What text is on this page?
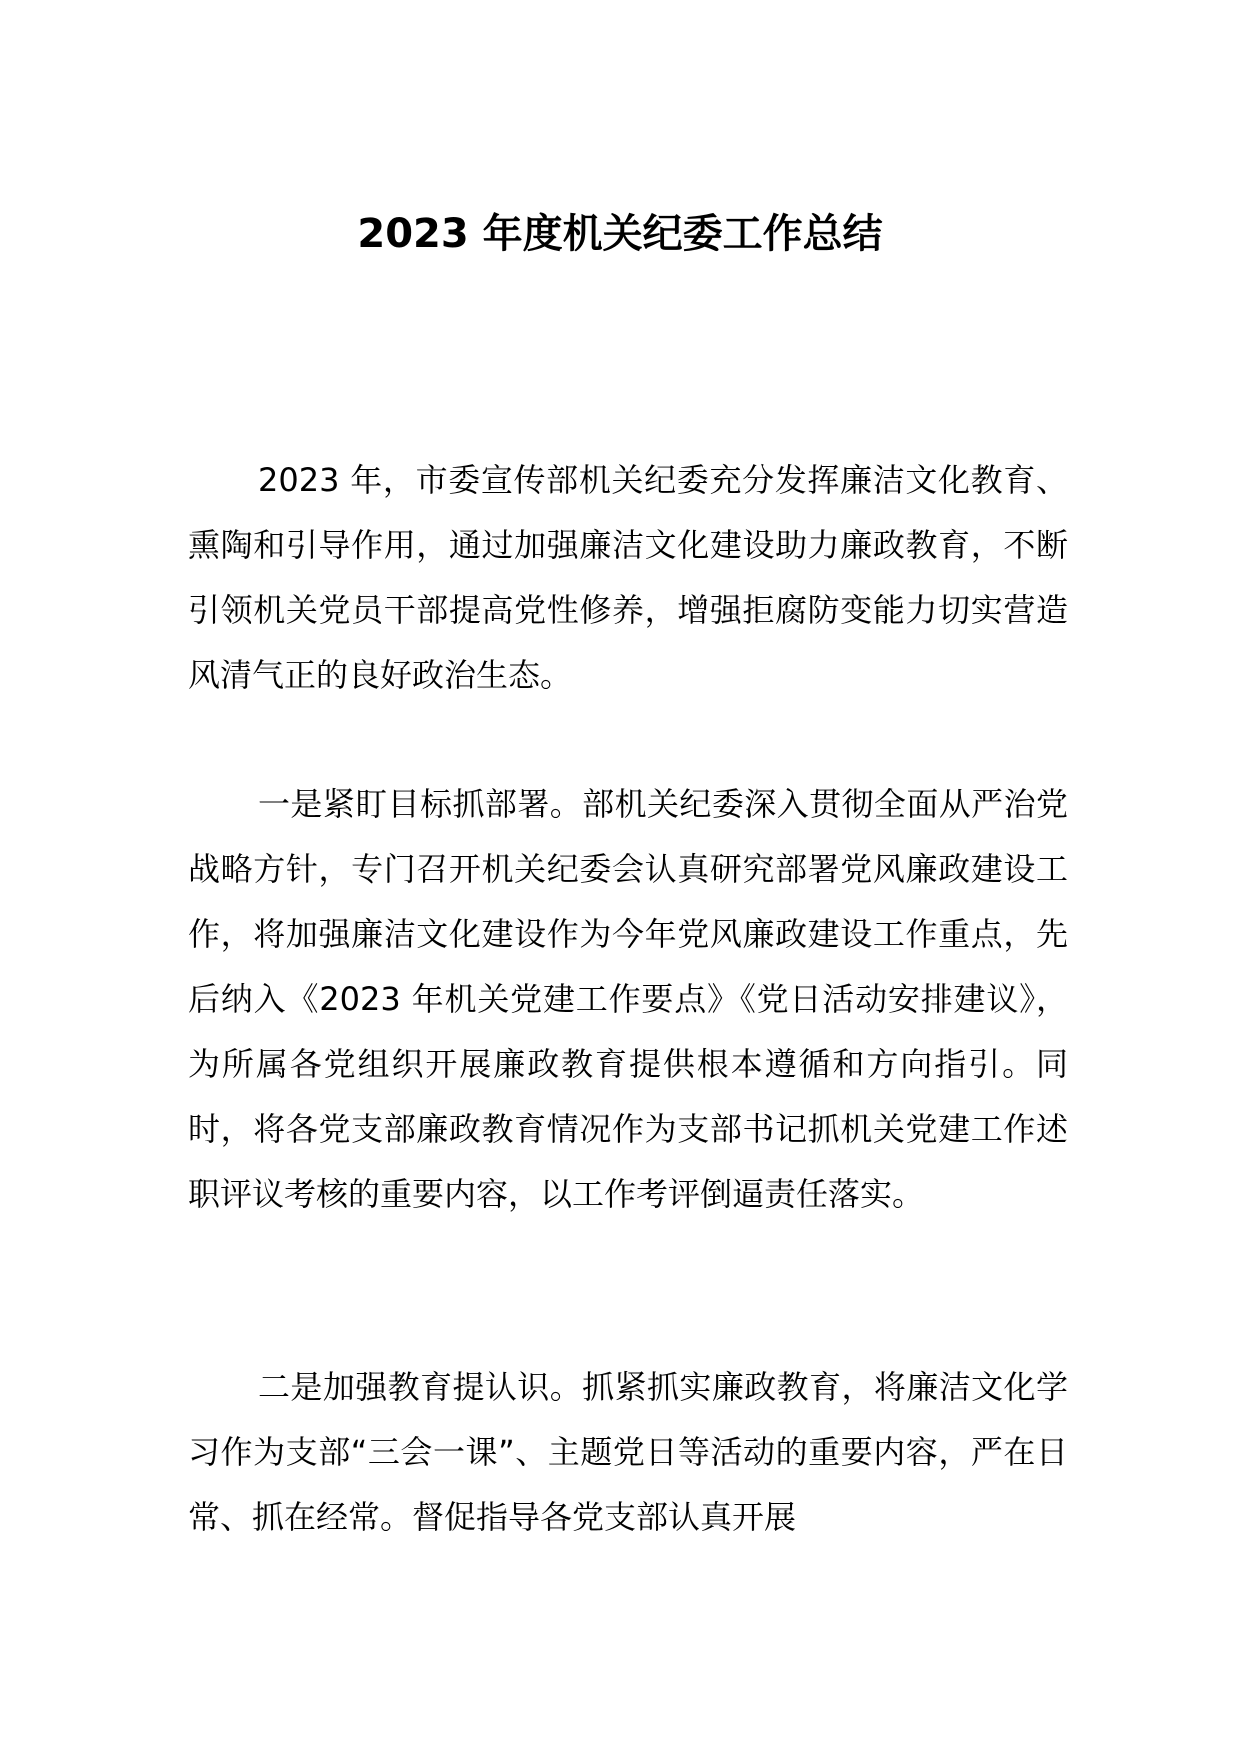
2023 年度机关纪委工作总结

2023 年，市委宣传部机关纪委充分发挥廉洁文化教育、熏陶和引导作用，通过加强廉洁文化建设助力廉政教育，不断引领机关党员干部提高党性修养，增强拒腐防变能力切实营造风清气正的良好政治生态。

一是紧盯目标抓部署。部机关纪委深入贯彻全面从严治党战略方针，专门召开机关纪委会认真研究部署党风廉政建设工作，将加强廉洁文化建设作为今年党风廉政建设工作重点，先后纳入《2023 年机关党建工作要点》《党日活动安排建议》，为所属各党组织开展廉政教育提供根本遵循和方向指引。同时，将各党支部廉政教育情况作为支部书记抓机关党建工作述职评议考核的重要内容，以工作考评倒逼责任落实。

二是加强教育提认识。抓紧抓实廉政教育，将廉洁文化学习作为支部“三会一课”、主题党日等活动的重要内容，严在日常、抓在经常。督促指导各党支部认真开展
